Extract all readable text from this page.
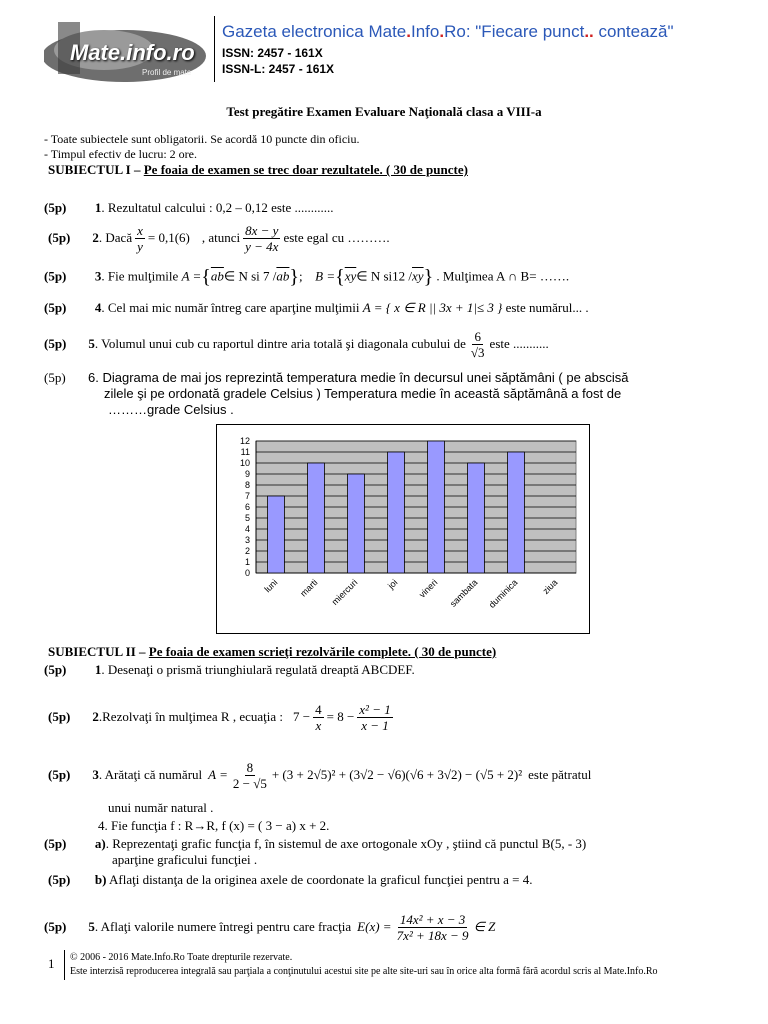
Mate.info.ro
Profil de mate
Gazeta electronica Mate.Info.Ro: "Fiecare punct.. contează"
ISSN: 2457 - 161X
ISSN-L: 2457 - 161X
Test pregătire Examen Evaluare Naţională clasa a VIII-a
- Toate subiectele sunt obligatorii. Se acordă 10 puncte din oficiu.
- Timpul efectiv de lucru: 2 ore.
SUBIECTUL I – Pe foaia de examen se trec doar rezultatele. ( 30 de puncte)
(5p) 1. Rezultatul calcului : 0,2 – 0,12 este ............
(5p) 2 . Dacă $\frac{x}{y} = 0,1(6)$ , atunci $\frac{8x - y}{y - 4x}$ este egal cu ……….
(5p) 3. Fie mulţimile $A =\{\overline{ab}\in$ N si 7 $/\overline{ab}$}; $B =\{\overline{xy}\in$ N si12 $/\overline{xy}$} . Mulţimea A ∩ B= …….
(5p) 4. Cel mai mic număr întreg care aparţine mulţimii A = { x ∈ R || 3x + 1|≤ 3 } este numărul... .
(5p) 5 . Volumul unui cub cu raportul dintre aria totală şi diagonala cubului de $\frac{6}{√3}$ este ...........
(5p) 6. Diagrama de mai jos reprezintă temperatura medie în decursul unei săptămâni ( pe abscisă
zilele şi pe ordonată gradele Celsius ) Temperatura medie în această săptămână a fost de
………grade Celsius .
0
1
2
3
4
5
6
7
8
9
10
11
12
luni marti miercuri	joi vineri sambata duminica ziua
SUBIECTUL II – Pe foaia de examen scrieţi rezolvările complete. ( 30 de puncte)
(5p) 1. Desenaţi o prismă triunghiulară regulată dreaptă ABCDEF.
(5p) 2 .Rezolvaţi în mulţimea R , ecuaţia : $7 - \frac{4}{x} = 8 - \frac{\text{x² − 1}}{x - 1}$
(5p) 3 . Arătaţi că numărul $A = \frac{8}{2 - √5} + (3 + 2√5)^2 + (3√2 - √6)(√6 + 3√2) - (√5 + 2)^2$ este pătratul
unui număr natural .
4. Fie funcţia f : R→R, f (x) = ( 3 − a) x + 2.
(5p) a). Reprezentaţi grafic funcţia f, în sistemul de axe ortogonale xOy , ştiind că punctul B(5, - 3)
aparţine graficului funcţiei .
(5p) b) Aflaţi distanţa de la originea axele de coordonate la graficul funcţiei pentru a = 4.
(5p) 5 . Aflaţi valorile numere întregi pentru care fracţia $E(x) = \frac{\text{14x² + x − 3}}{\text{7x² + 18x − 9}}$ ∈ Z
1 © 2006 - 2016 Mate.Info.Ro Toate drepturile rezervate.
Este interzisă reproducerea integrală sau parţiala a conţinutului acestui site pe alte site-uri sau în orice alta formă fără acordul scris al Mate.Info.Ro
